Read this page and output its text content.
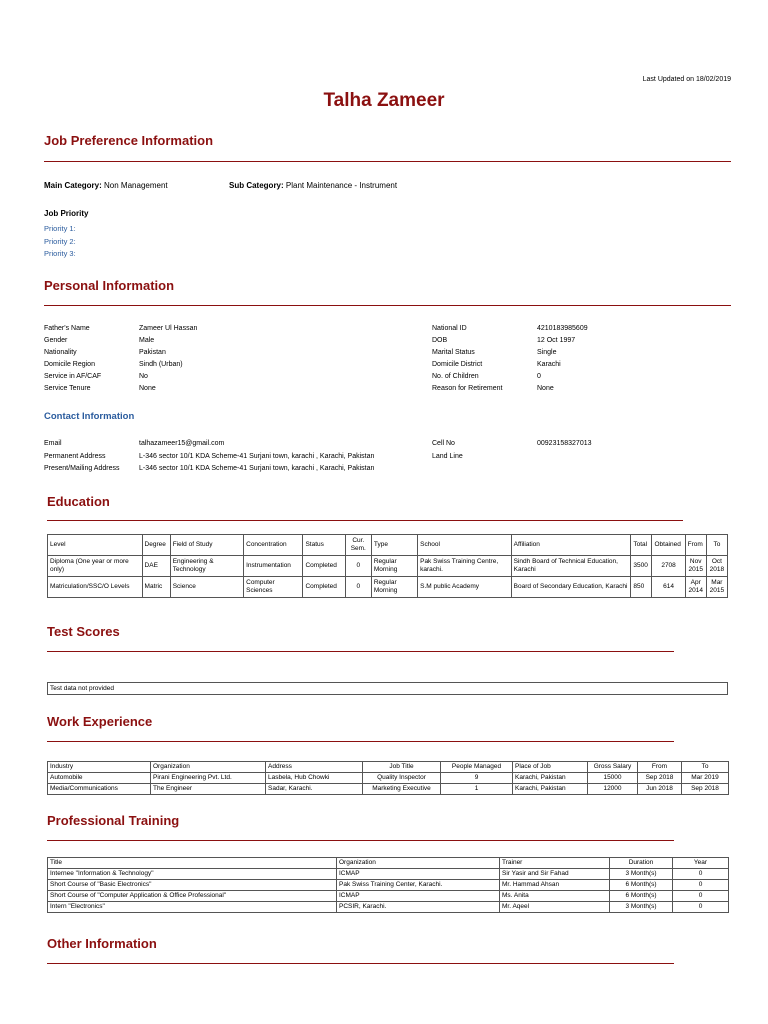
Last Updated on 18/02/2019
Talha Zameer
Job Preference Information
Main Category: Non Management	Sub Category: Plant Maintenance - Instrument
Job Priority
Priority 1:
Priority 2:
Priority 3:
Personal Information
Father's Name	Zameer Ul Hassan
Gender	Male
Nationality	Pakistan
Domicile Region	Sindh (Urban)
Service in AF/CAF	No
Service Tenure	None
National ID	4210183985609
DOB	12 Oct 1997
Marital Status	Single
Domicile District	Karachi
No. of Children	0
Reason for Retirement	None
Contact Information
Email	talhazameer15@gmail.com	Cell No	00923158327013
Permanent Address	L-346 sector 10/1 KDA Scheme-41 Surjani town, karachi , Karachi, Pakistan	Land Line
Present/Mailing Address	L-346 sector 10/1 KDA Scheme-41 Surjani town, karachi , Karachi, Pakistan
Education
Level	Degree	Field of Study	Concentration	Status	Cur. Sem.	Type	School	Affiliation	Total	Obtained	From	To
Diploma (One year or more only)	DAE	Engineering & Technology	Instrumentation	Completed	0	Regular Morning	Pak Swiss Training Centre, karachi.	Sindh Board of Technical Education, Karachi	3500	2708	Nov 2015	Oct 2018
Matriculation/SSC/O Levels	Matric	Science	Computer Sciences	Completed	0	Regular Morning	S.M public Academy	Board of Secondary Education, Karachi	850	614	Apr 2014	Mar 2015
Test Scores
Test data not provided
Work Experience
Industry	Organization	Address	Job Title	People Managed	Place of Job	Gross Salary	From	To
Automobile	Pirani Engineering Pvt. Ltd.	Lasbela, Hub Chowki	Quality Inspector	9	Karachi, Pakistan	15000	Sep 2018	Mar 2019
Media/Communications	The Engineer	Sadar, Karachi.	Marketing Executive	1	Karachi, Pakistan	12000	Jun 2018	Sep 2018
Professional Training
Title	Organization	Trainer	Duration	Year
Internee "Information & Technology"	ICMAP	Sir Yasir and Sir Fahad	3 Month(s)	0
Short Course of "Basic Electronics"	Pak Swiss Training Center, Karachi.	Mr. Hammad Ahsan	6 Month(s)	0
Short Course of "Computer Application & Office Professional"	ICMAP	Ms. Anita	6 Month(s)	0
Intern "Electronics"	PCSIR, Karachi.	Mr. Aqeel	3 Month(s)	0
Other Information
